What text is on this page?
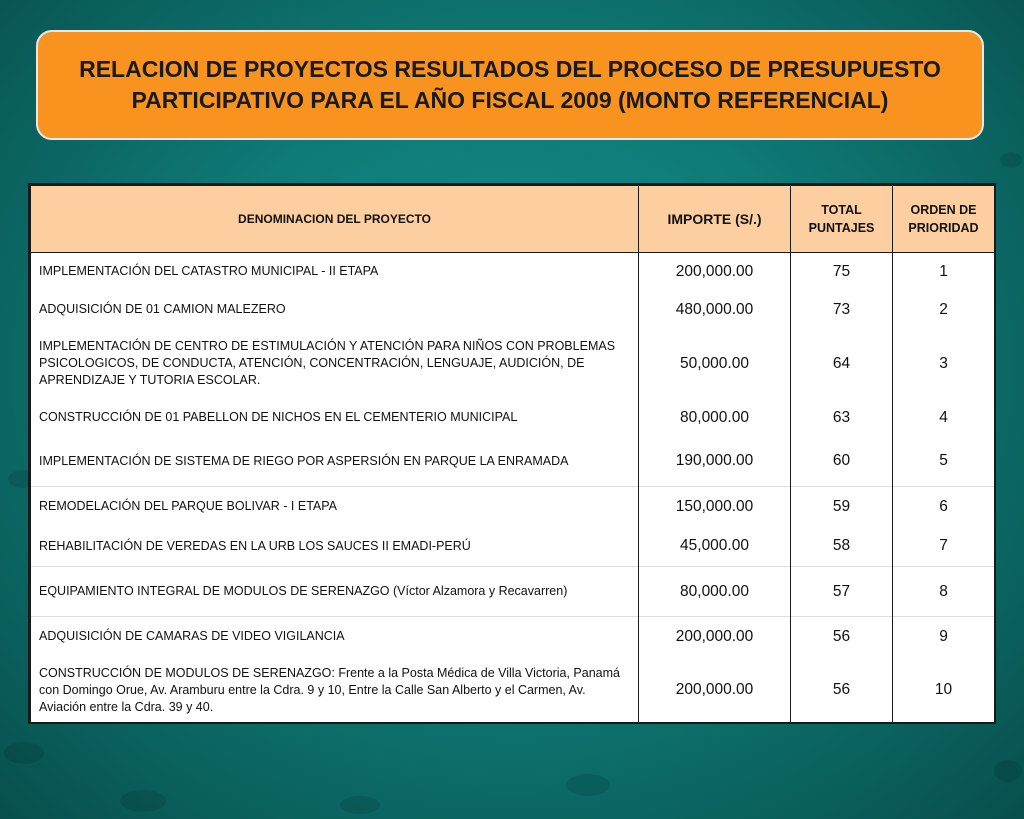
RELACION DE PROYECTOS RESULTADOS DEL PROCESO DE PRESUPUESTO PARTICIPATIVO PARA EL AÑO FISCAL 2009 (MONTO REFERENCIAL)
DENOMINACION DEL PROYECTO	IMPORTE (S/.)	TOTAL PUNTAJES	ORDEN DE PRIORIDAD
IMPLEMENTACIÓN DEL CATASTRO MUNICIPAL - II ETAPA	200,000.00	75	1
ADQUISICIÓN DE 01 CAMION MALEZERO	480,000.00	73	2
IMPLEMENTACIÓN DE CENTRO DE ESTIMULACIÓN Y ATENCIÓN PARA NIÑOS CON PROBLEMAS PSICOLOGICOS, DE CONDUCTA, ATENCIÓN, CONCENTRACIÓN, LENGUAJE, AUDICIÓN, DE APRENDIZAJE Y TUTORIA ESCOLAR.	50,000.00	64	3
CONSTRUCCIÓN DE 01 PABELLON DE NICHOS EN EL CEMENTERIO MUNICIPAL	80,000.00	63	4
IMPLEMENTACIÓN DE SISTEMA DE RIEGO POR ASPERSIÓN EN PARQUE LA ENRAMADA	190,000.00	60	5
REMODELACIÓN DEL PARQUE BOLIVAR - I ETAPA	150,000.00	59	6
REHABILITACIÓN DE VEREDAS EN LA URB LOS SAUCES II EMADI-PERÚ	45,000.00	58	7
EQUIPAMIENTO INTEGRAL DE MODULOS DE SERENAZGO (Víctor Alzamora y Recavarren)	80,000.00	57	8
ADQUISICIÓN DE CAMARAS DE VIDEO VIGILANCIA	200,000.00	56	9
CONSTRUCCIÓN DE MODULOS DE SERENAZGO: Frente a la Posta Médica de Villa Victoria, Panamá con Domingo Orue, Av. Aramburu entre la Cdra. 9 y 10, Entre la Calle San Alberto y el Carmen, Av. Aviación entre la Cdra. 39 y 40.	200,000.00	56	10
